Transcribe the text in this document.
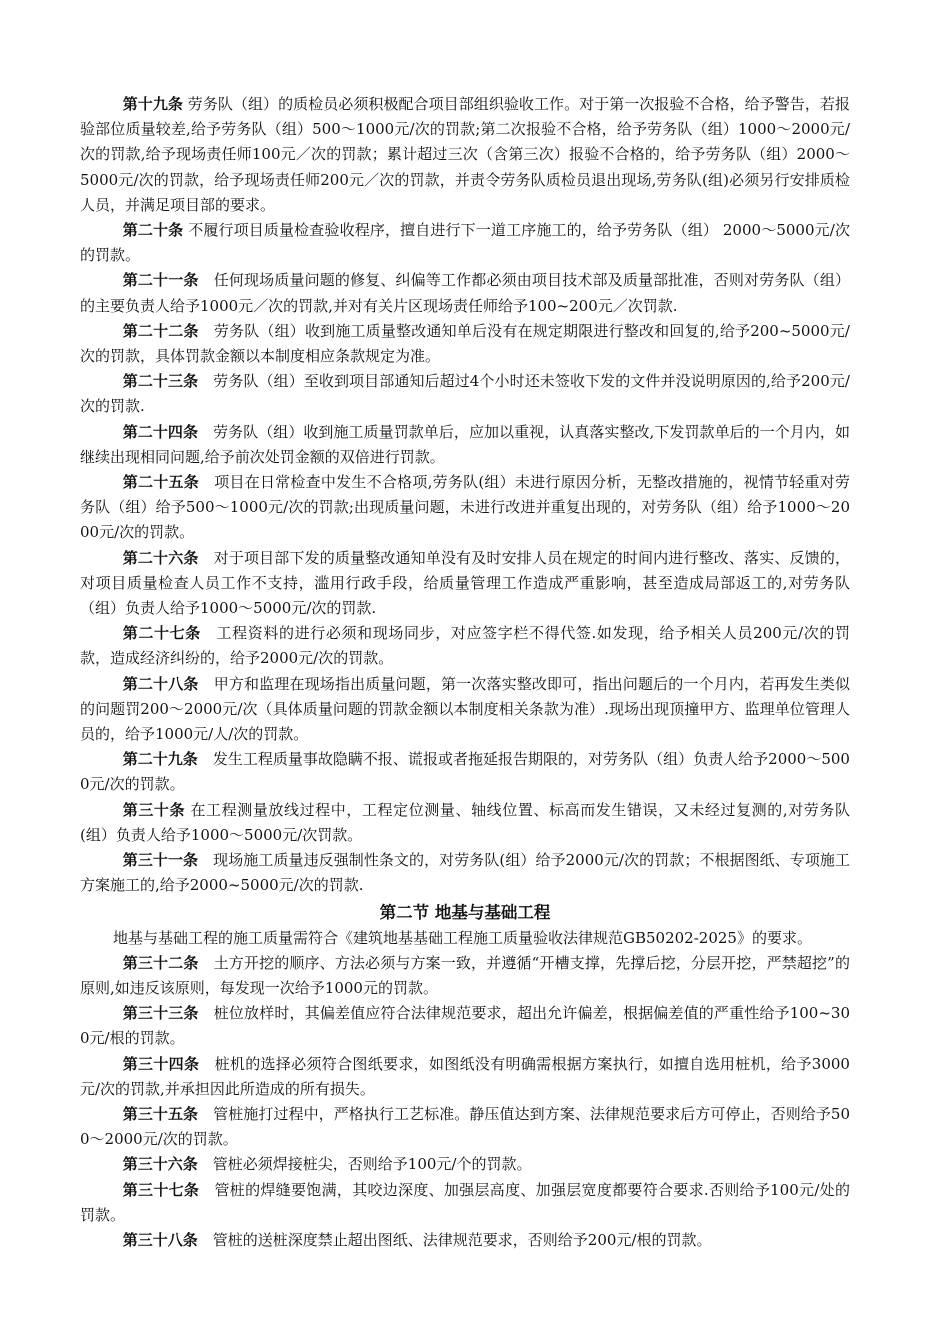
第十九条 劳务队（组）的质检员必须积极配合项目部组织验收工作。对于第一次报验不合格，给予警告，若报验部位质量较差,给予劳务队（组）500～1000元/次的罚款;第二次报验不合格，给予劳务队（组）1000～2000元/次的罚款,给予现场责任师100元／次的罚款；累计超过三次（含第三次）报验不合格的，给予劳务队（组）2000～5000元/次的罚款，给予现场责任师200元／次的罚款，并责令劳务队质检员退出现场,劳务队(组)必须另行安排质检人员，并满足项目部的要求。

第二十条 不履行项目质量检查验收程序，擅自进行下一道工序施工的，给予劳务队（组） 2000～5000元/次的罚款。

第二十一条　 任何现场质量问题的修复、纠偏等工作都必须由项目技术部及质量部批准，否则对劳务队（组）的主要负责人给予1000元／次的罚款,并对有关片区现场责任师给予100~200元／次罚款.

第二十二条　 劳务队（组）收到施工质量整改通知单后没有在规定期限进行整改和回复的,给予200~5000元/次的罚款，具体罚款金额以本制度相应条款规定为准。

第二十三条　 劳务队（组）至收到项目部通知后超过4个小时还未签收下发的文件并没说明原因的,给予200元/次的罚款.

第二十四条　 劳务队（组）收到施工质量罚款单后，应加以重视，认真落实整改,下发罚款单后的一个月内，如继续出现相同问题,给予前次处罚金额的双倍进行罚款。

第二十五条　 项目在日常检查中发生不合格项,劳务队(组）未进行原因分析，无整改措施的，视情节轻重对劳务队（组）给予500～1000元/次的罚款;出现质量问题，未进行改进并重复出现的，对劳务队（组）给予1000～2000元/次的罚款。

第二十六条　 对于项目部下发的质量整改通知单没有及时安排人员在规定的时间内进行整改、落实、反馈的，对项目质量检查人员工作不支持，滥用行政手段，给质量管理工作造成严重影响，甚至造成局部返工的,对劳务队（组）负责人给予1000～5000元/次的罚款.

第二十七条　 工程资料的进行必须和现场同步，对应签字栏不得代签.如发现，给予相关人员200元/次的罚款，造成经济纠纷的，给予2000元/次的罚款。

第二十八条　 甲方和监理在现场指出质量问题，第一次落实整改即可，指出问题后的一个月内，若再发生类似的问题罚200～2000元/次（具体质量问题的罚款金额以本制度相关条款为准）.现场出现顶撞甲方、监理单位管理人员的，给予1000元/人/次的罚款。

第二十九条　 发生工程质量事故隐瞒不报、谎报或者拖延报告期限的，对劳务队（组）负责人给予2000～5000元/次的罚款。

第三十条 在工程测量放线过程中，工程定位测量、轴线位置、标高而发生错误，又未经过复测的,对劳务队(组）负责人给予1000～5000元/次罚款。

第三十一条　 现场施工质量违反强制性条文的，对劳务队(组）给予2000元/次的罚款；不根据图纸、专项施工方案施工的,给予2000~5000元/次的罚款.

第二节 地基与基础工程

地基与基础工程的施工质量需符合《建筑地基基础工程施工质量验收法律规范GB50202-2025》的要求。

第三十二条　 土方开挖的顺序、方法必须与方案一致，并遵循“开槽支撑，先撑后挖，分层开挖，严禁超挖”的原则,如违反该原则，每发现一次给予1000元的罚款。

第三十三条　 桩位放样时，其偏差值应符合法律规范要求，超出允许偏差，根据偏差值的严重性给予100~300元/根的罚款。

第三十四条　 桩机的选择必须符合图纸要求，如图纸没有明确需根据方案执行，如擅自选用桩机，给予3000元/次的罚款,并承担因此所造成的所有损失。

第三十五条　 管桩施打过程中，严格执行工艺标准。静压值达到方案、法律规范要求后方可停止，否则给予500～2000元/次的罚款。

第三十六条　 管桩必须焊接桩尖，否则给予100元/个的罚款。

第三十七条　 管桩的焊缝要饱满，其咬边深度、加强层高度、加强层宽度都要符合要求.否则给予100元/处的罚款。

第三十八条　 管桩的送桩深度禁止超出图纸、法律规范要求，否则给予200元/根的罚款。
